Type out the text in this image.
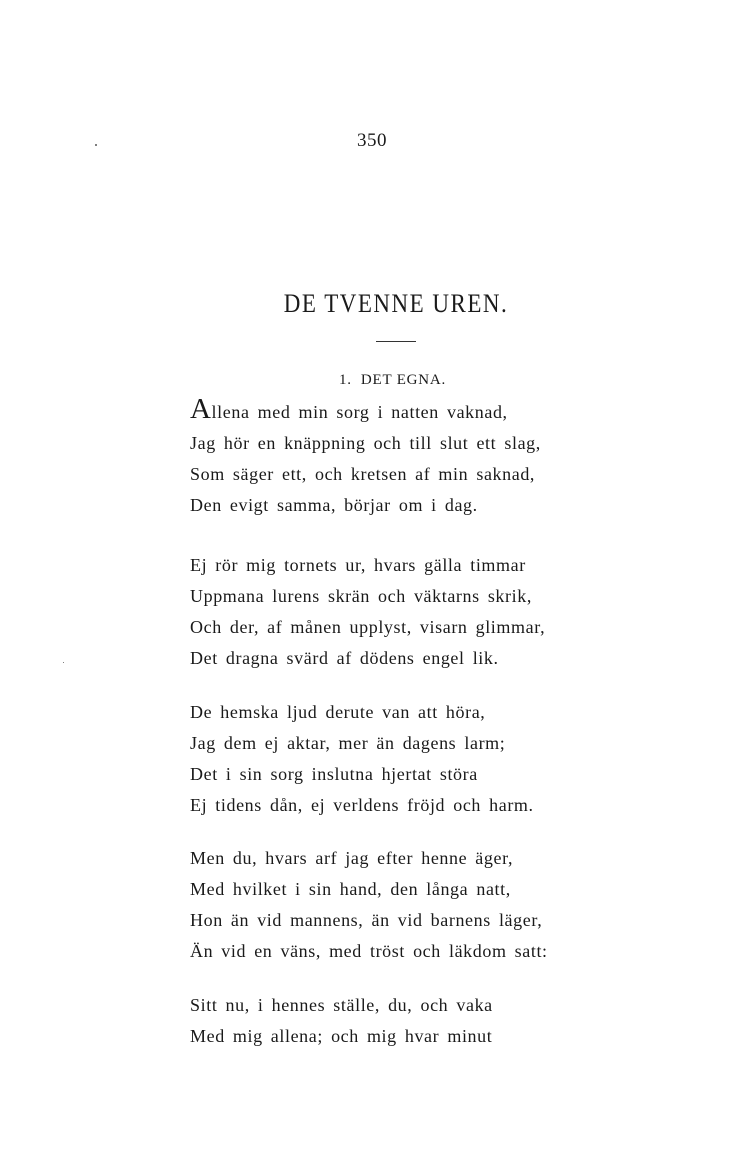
350
DE TVENNE UREN.
1. DET EGNA.
Allena med min sorg i natten vaknad,
Jag hör en knäppning och till slut ett slag,
Som säger ett, och kretsen af min saknad,
Den evigt samma, börjar om i dag.
Ej rör mig tornets ur, hvars gälla timmar
Uppmana lurens skrän och väktarns skrik,
Och der, af månen upplyst, visarn glimmar,
Det dragna svärd af dödens engel lik.
De hemska ljud derute van att höra,
Jag dem ej aktar, mer än dagens larm;
Det i sin sorg inslutna hjertat störa
Ej tidens dån, ej verldens fröjd och harm.
Men du, hvars arf jag efter henne äger,
Med hvilket i sin hand, den långa natt,
Hon än vid mannens, än vid barnens läger,
Än vid en väns, med tröst och läkdom satt:
Sitt nu, i hennes ställe, du, och vaka
Med mig allena; och mig hvar minut
